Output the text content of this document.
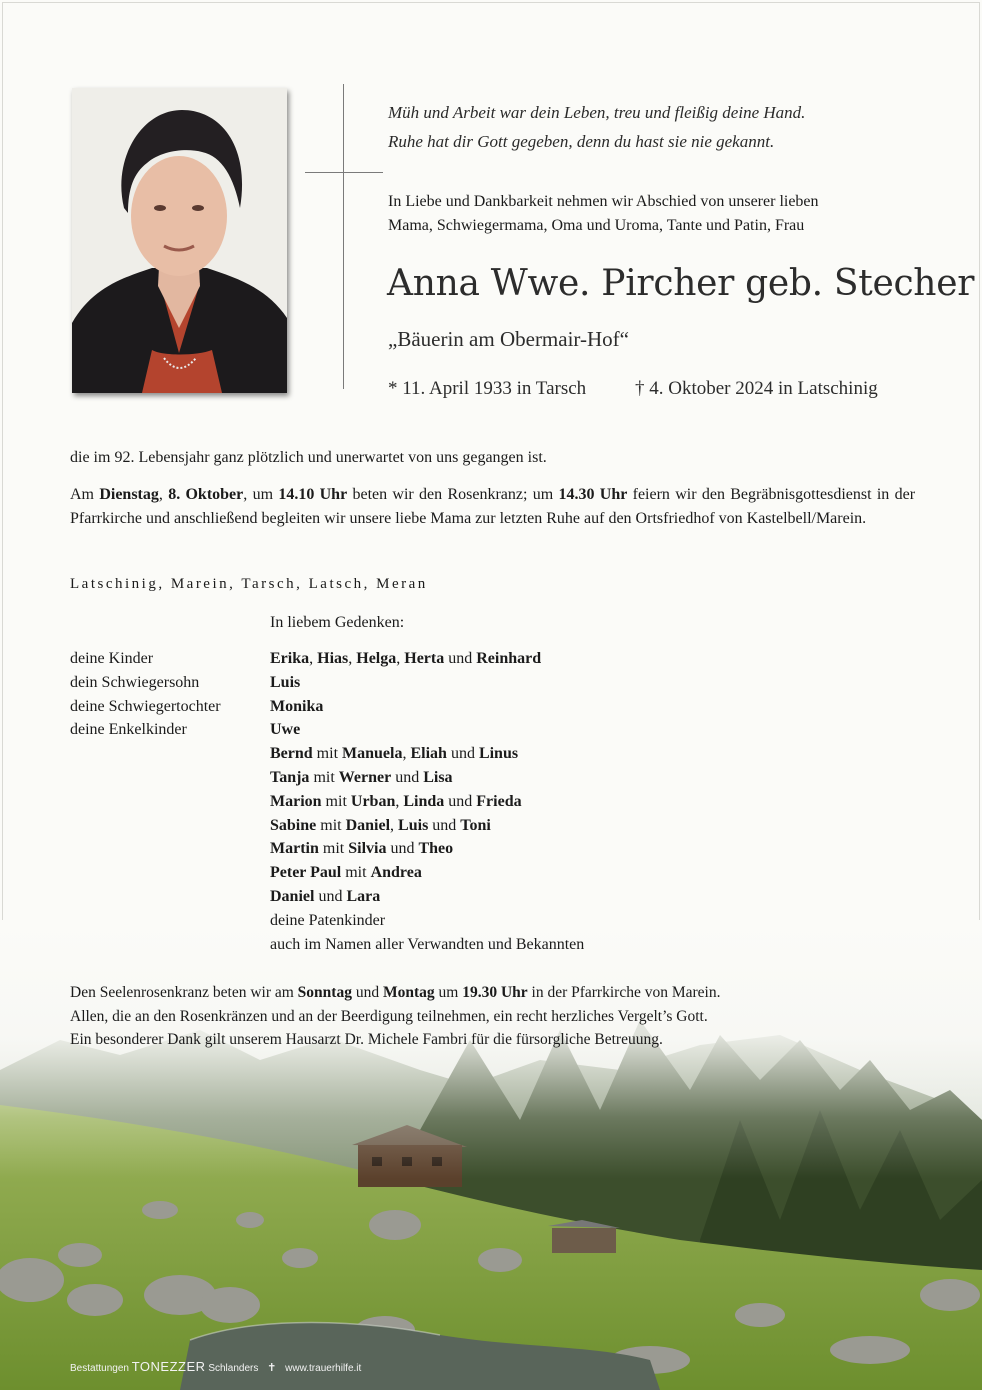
Müh und Arbeit war dein Leben, treu und fleißig deine Hand.
Ruhe hat dir Gott gegeben, denn du hast sie nie gekannt.
In Liebe und Dankbarkeit nehmen wir Abschied von unserer lieben
Mama, Schwiegermama, Oma und Uroma, Tante und Patin, Frau
Anna Wwe. Pircher geb. Stecher
„Bäuerin am Obermair-Hof“
* 11. April 1933 in Tarsch	† 4. Oktober 2024 in Latschinig
die im 92. Lebensjahr ganz plötzlich und unerwartet von uns gegangen ist.
Am Dienstag, 8. Oktober, um 14.10 Uhr beten wir den Rosenkranz; um 14.30 Uhr feiern wir den Begräbnisgottesdienst in der Pfarrkirche und anschließend begleiten wir unsere liebe Mama zur letzten Ruhe auf den Ortsfriedhof von Kastelbell/Marein.
Latschinig, Marein, Tarsch, Latsch, Meran
In liebem Gedenken:
deine Kinder
dein Schwiegersohn
deine Schwiegertochter
deine Enkelkinder
Erika, Hias, Helga, Herta und Reinhard
Luis
Monika
Uwe
Bernd mit Manuela, Eliah und Linus
Tanja mit Werner und Lisa
Marion mit Urban, Linda und Frieda
Sabine mit Daniel, Luis und Toni
Martin mit Silvia und Theo
Peter Paul mit Andrea
Daniel und Lara
deine Patenkinder
auch im Namen aller Verwandten und Bekannten
Den Seelenrosenkranz beten wir am Sonntag und Montag um 19.30 Uhr in der Pfarrkirche von Marein.
Allen, die an den Rosenkränzen und an der Beerdigung teilnehmen, ein recht herzliches Vergelt’s Gott.
Ein besonderer Dank gilt unserem Hausarzt Dr. Michele Fambri für die fürsorgliche Betreuung.
Bestattungen TONEZZER Schlanders ✝ www.trauerhilfe.it
